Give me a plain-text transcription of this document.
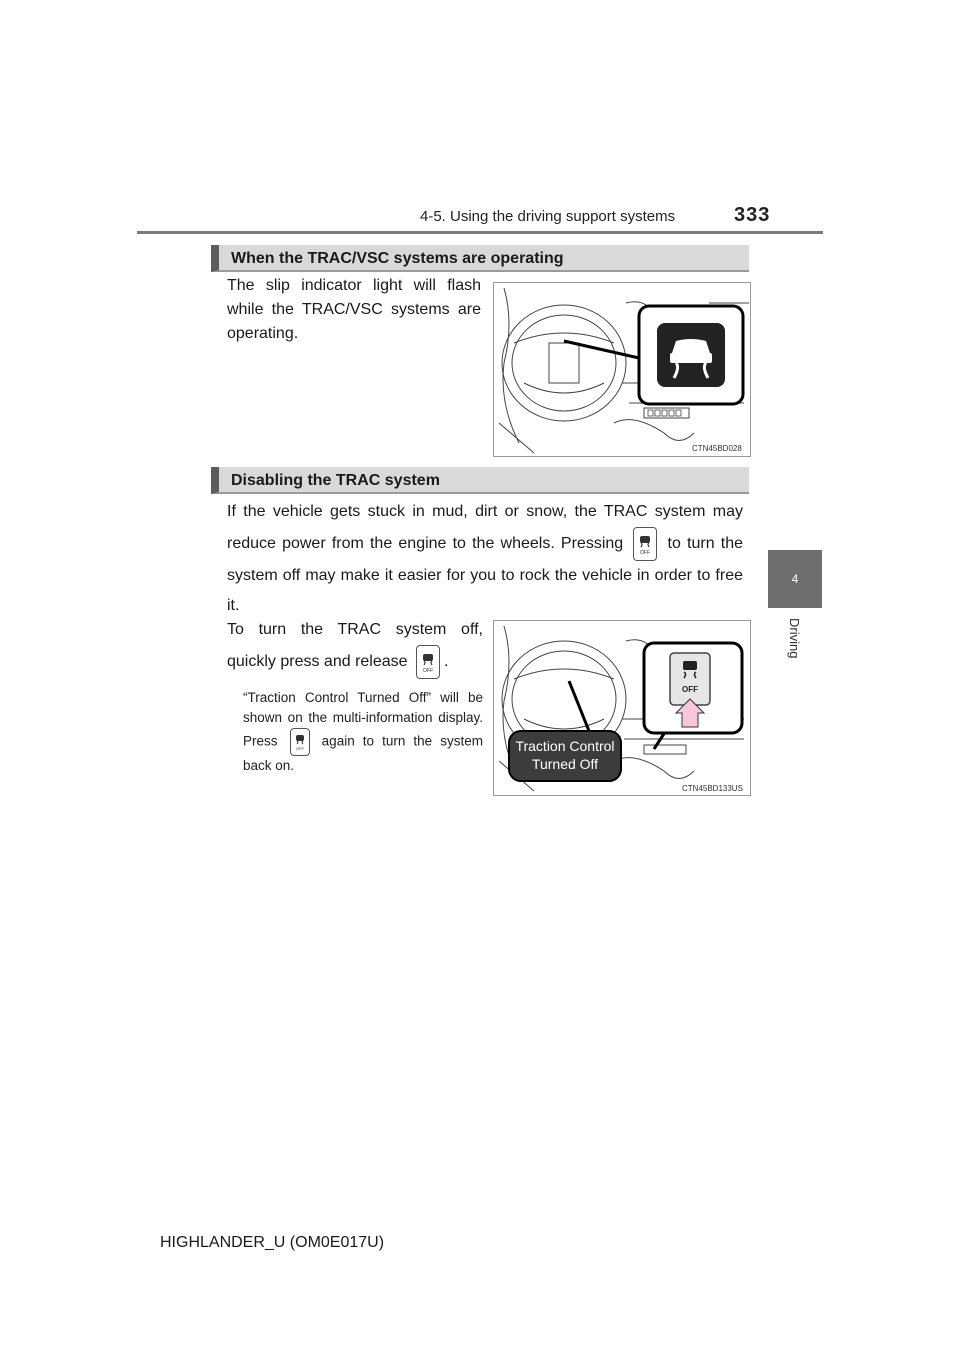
4-5. Using the driving support systems	333
4
Driving
When the TRAC/VSC systems are operating
The slip indicator light will flash while the TRAC/VSC systems are operating.
CTN45BD028
Disabling the TRAC system
If the vehicle gets stuck in mud, dirt or snow, the TRAC system may reduce power from the engine to the wheels. Pressing
OFF
to turn the system off may make it easier for you to rock the vehicle in order to free it.
To turn the TRAC system off, quickly press and release
OFF
.
“Traction Control Turned Off” will be shown on the multi-information display. Press	OFF again to turn the system back on.
Traction Control
Turned Off
OFF
CTN45BD133US
HIGHLANDER_U (OM0E017U)
